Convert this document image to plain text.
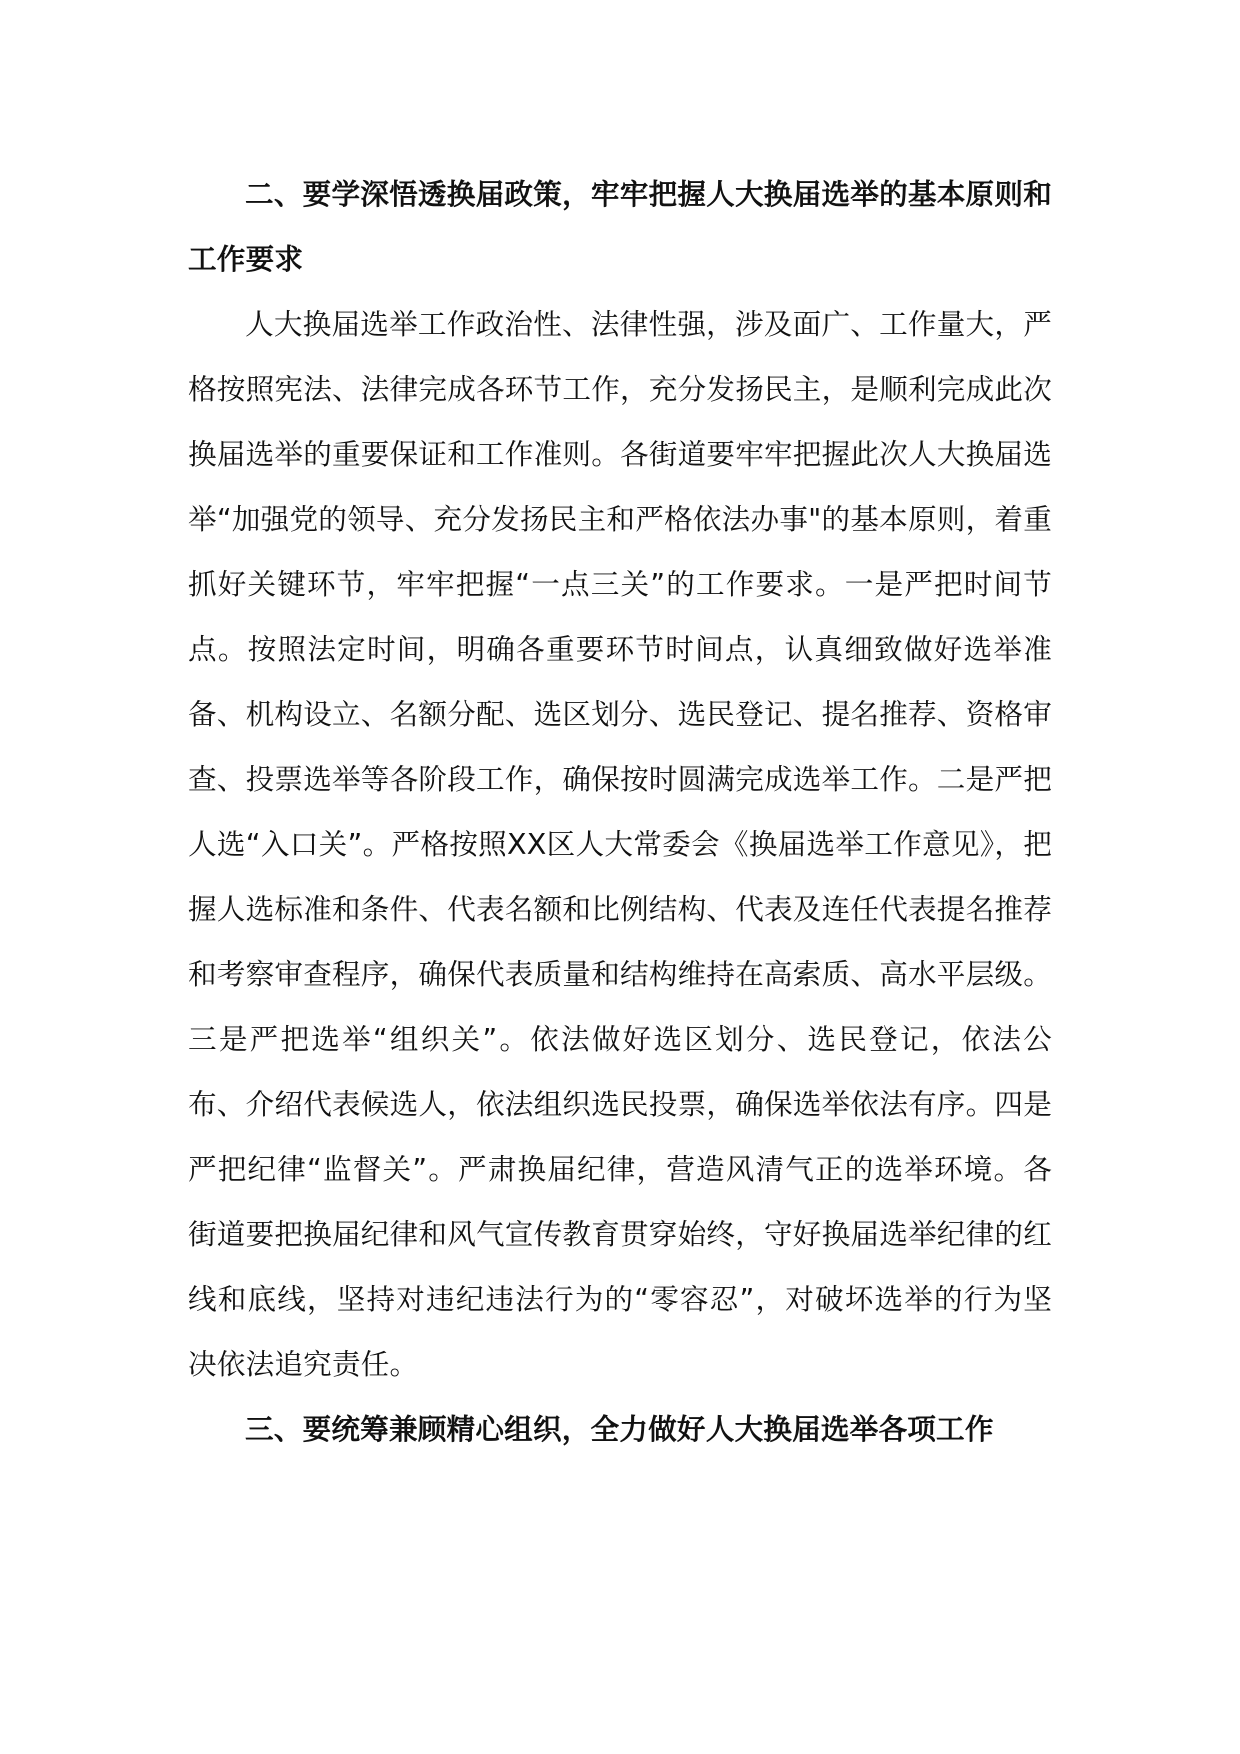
二、要学深悟透换届政策，牢牢把握人大换届选举的基本原则和工作要求

人大换届选举工作政治性、法律性强，涉及面广、工作量大，严格按照宪法、法律完成各环节工作，充分发扬民主，是顺利完成此次换届选举的重要保证和工作准则。各街道要牢牢把握此次人大换届选举“加强党的领导、充分发扬民主和严格依法办事"的基本原则，着重抓好关键环节，牢牢把握“一点三关”的工作要求。一是严把时间节点。按照法定时间，明确各重要环节时间点，认真细致做好选举准备、机构设立、名额分配、选区划分、选民登记、提名推荐、资格审查、投票选举等各阶段工作，确保按时圆满完成选举工作。二是严把人选“入口关”。严格按照XX区人大常委会《换届选举工作意见》，把握人选标准和条件、代表名额和比例结构、代表及连任代表提名推荐和考察审查程序，确保代表质量和结构维持在高索质、高水平层级。三是严把选举“组织关”。依法做好选区划分、选民登记，依法公布、介绍代表候选人，依法组织选民投票，确保选举依法有序。四是严把纪律“监督关”。严肃换届纪律，营造风清气正的选举环境。各街道要把换届纪律和风气宣传教育贯穿始终，守好换届选举纪律的红线和底线，坚持对违纪违法行为的“零容忍”，对破坏选举的行为坚决依法追究责任。

三、要统筹兼顾精心组织，全力做好人大换届选举各项工作
